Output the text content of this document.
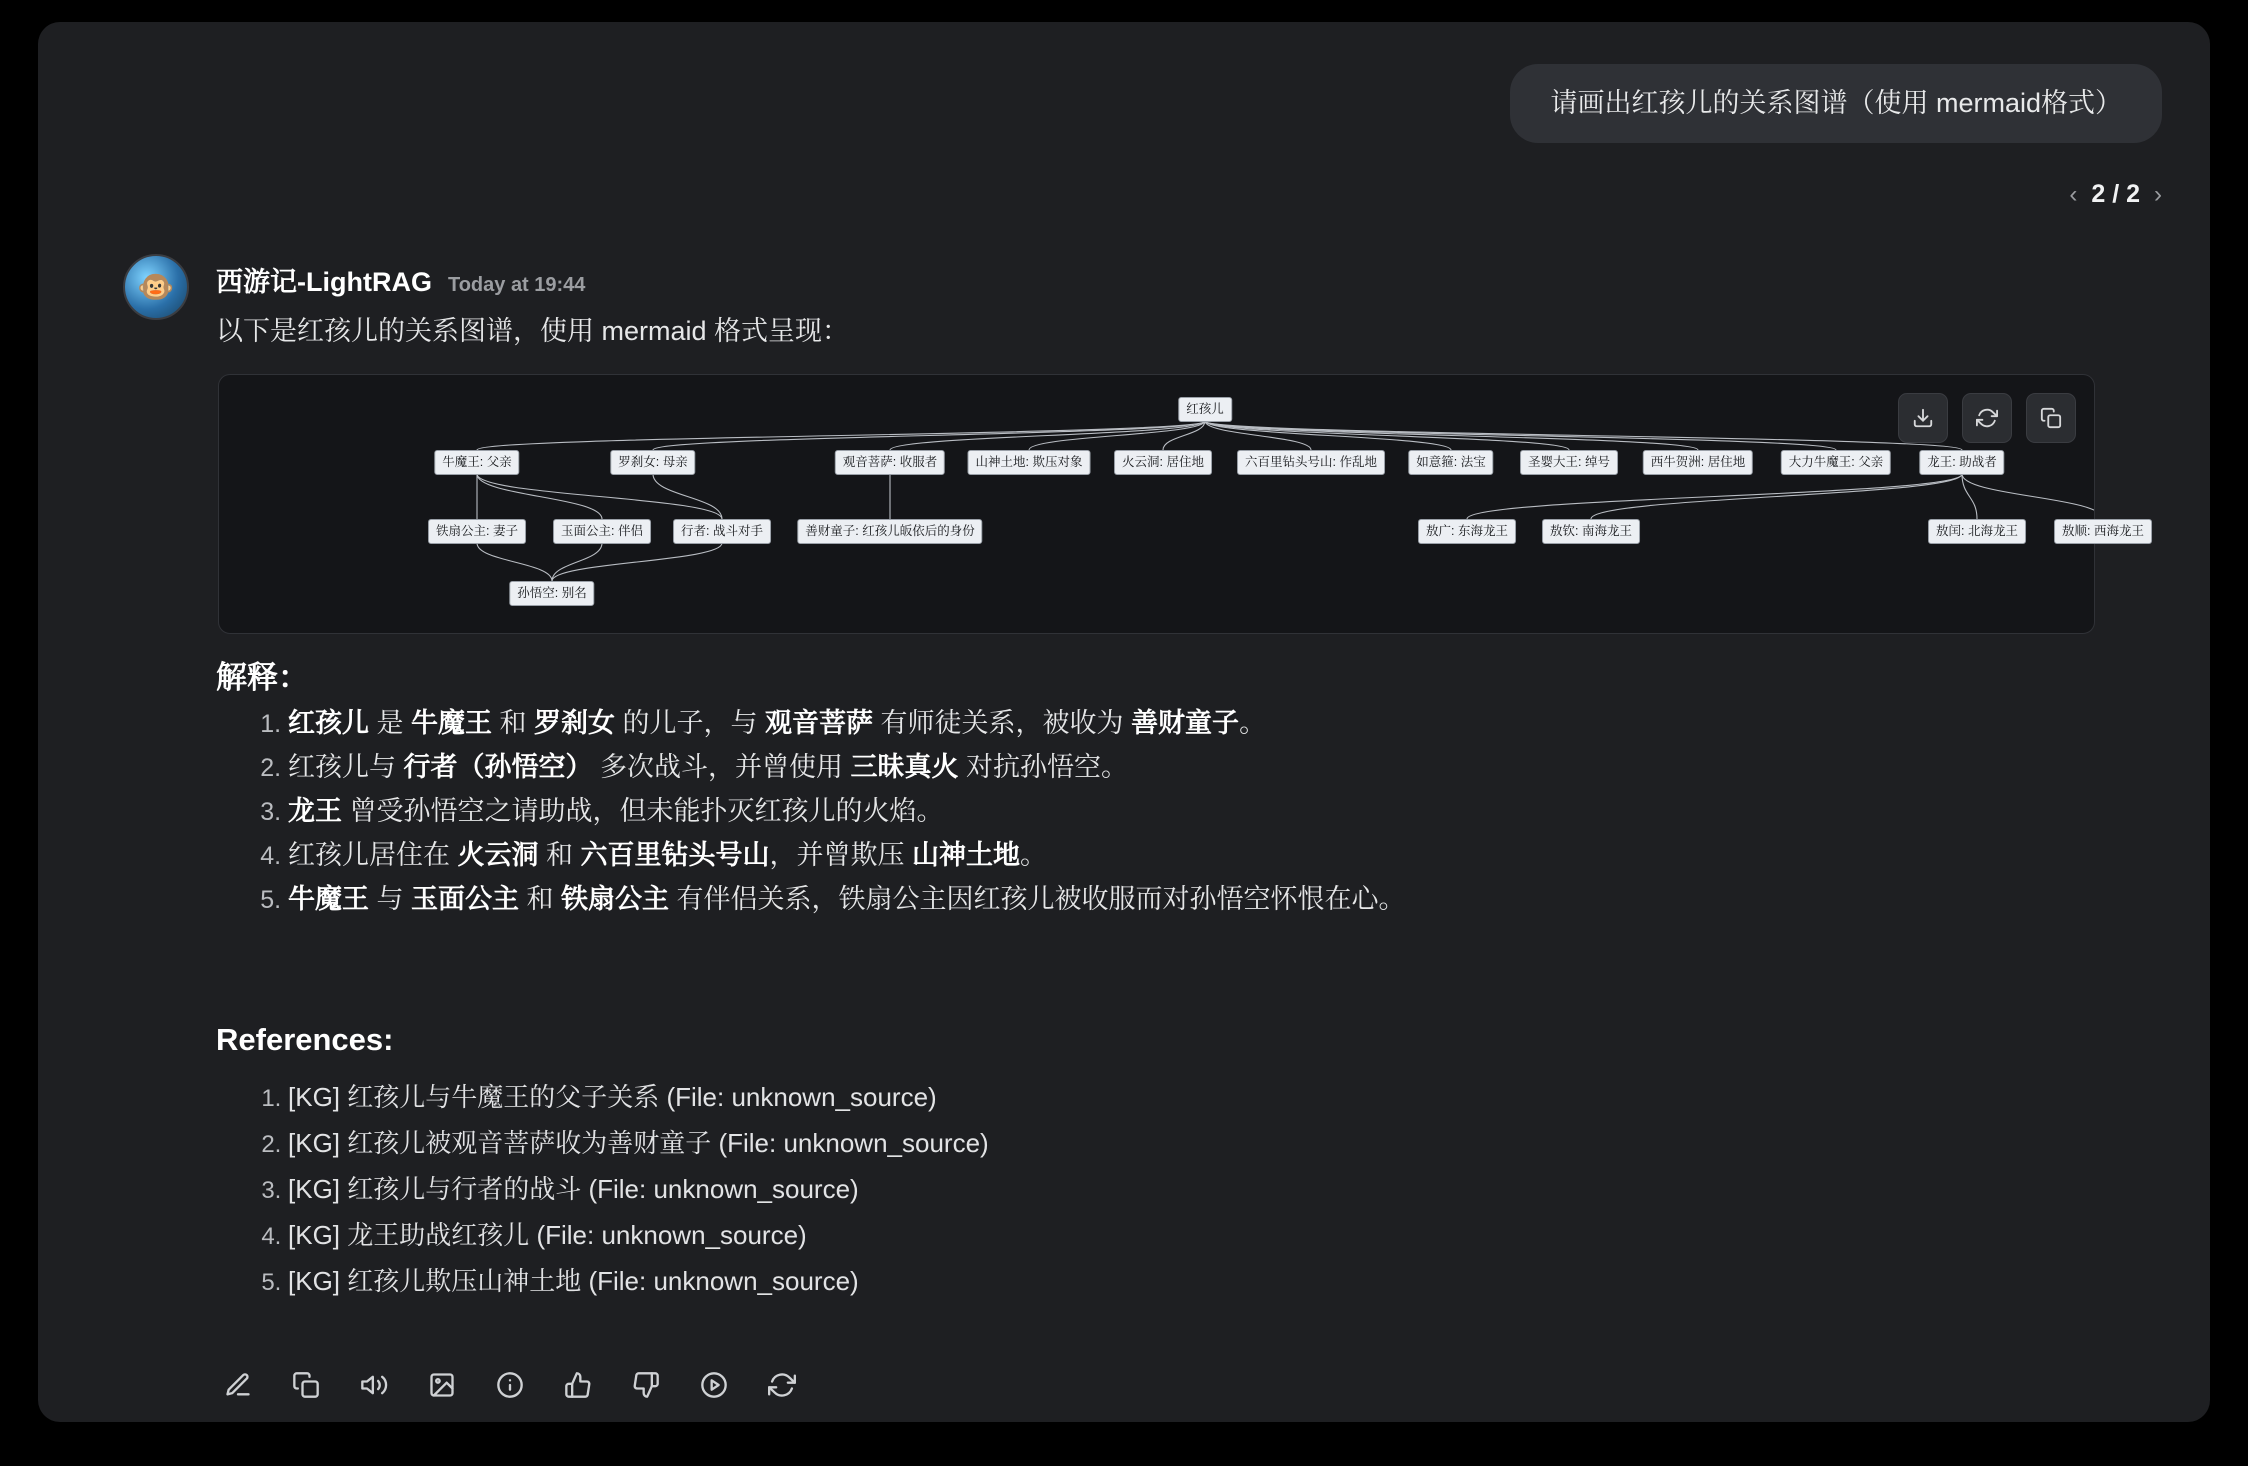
请画出红孩儿的关系图谱（使用 mermaid格式）
‹ 2 / 2 ›
🐵	西游记-LightRAG Today at 19:44
以下是红孩儿的关系图谱，使用 mermaid 格式呈现：
红孩儿
牛魔王: 父亲	罗刹女: 母亲	观音菩萨: 收服者	山神土地: 欺压对象	火云洞: 居住地	六百里钻头号山: 作乱地	如意箍: 法宝	圣婴大王: 绰号	西牛贺洲: 居住地	大力牛魔王: 父亲	龙王: 助战者
铁扇公主: 妻子	玉面公主: 伴侣	行者: 战斗对手	善财童子: 红孩儿皈依后的身份	敖广: 东海龙王	敖钦: 南海龙王	敖闰: 北海龙王	敖顺: 西海龙王
孙悟空: 别名
解释：
1. 红孩儿 是 牛魔王 和 罗刹女 的儿子，与 观音菩萨 有师徒关系，被收为 善财童子。
2. 红孩儿与 行者（孙悟空） 多次战斗，并曾使用 三昧真火 对抗孙悟空。
3. 龙王 曾受孙悟空之请助战，但未能扑灭红孩儿的火焰。
4. 红孩儿居住在 火云洞 和 六百里钻头号山，并曾欺压 山神土地。
5. 牛魔王 与 玉面公主 和 铁扇公主 有伴侣关系，铁扇公主因红孩儿被收服而对孙悟空怀恨在心。
References:
1. [KG] 红孩儿与牛魔王的父子关系 (File: unknown_source)
2. [KG] 红孩儿被观音菩萨收为善财童子 (File: unknown_source)
3. [KG] 红孩儿与行者的战斗 (File: unknown_source)
4. [KG] 龙王助战红孩儿 (File: unknown_source)
5. [KG] 红孩儿欺压山神土地 (File: unknown_source)
